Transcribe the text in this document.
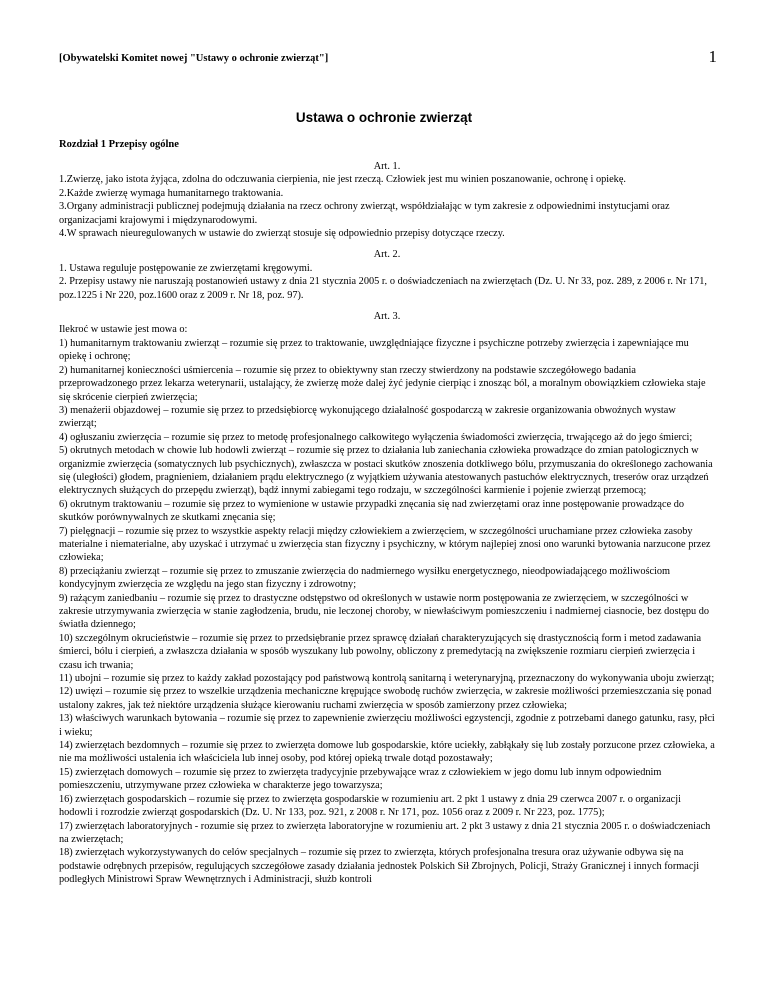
[Obywatelski Komitet nowej "Ustawy o ochronie zwierząt"]	1
Ustawa o ochronie zwierząt
Rozdział 1 Przepisy ogólne

Art. 1.

1.Zwierzę, jako istota żyjąca, zdolna do odczuwania cierpienia, nie jest rzeczą. Człowiek jest mu winien poszanowanie, ochronę i opiekę.

2.Każde zwierzę wymaga humanitarnego traktowania.

3.Organy administracji publicznej podejmują działania na rzecz ochrony zwierząt, współdziałając w tym zakresie z odpowiednimi instytucjami oraz organizacjami krajowymi i międzynarodowymi.

4.W sprawach nieuregulowanych w ustawie do zwierząt stosuje się odpowiednio przepisy dotyczące rzeczy.

Art. 2.

1. Ustawa reguluje postępowanie ze zwierzętami kręgowymi.

2. Przepisy ustawy nie naruszają postanowień ustawy z dnia 21 stycznia 2005 r. o doświadczeniach na zwierzętach (Dz. U. Nr 33, poz. 289, z 2006 r. Nr 171, poz.1225 i Nr 220, poz.1600 oraz z 2009 r. Nr 18, poz. 97).

Art. 3.

Ilekroć w ustawie jest mowa o:

1) humanitarnym traktowaniu zwierząt – rozumie się przez to traktowanie, uwzględniające fizyczne i psychiczne potrzeby zwierzęcia i zapewniające mu opiekę i ochronę;

2) humanitarnej konieczności uśmiercenia – rozumie się przez to obiektywny stan rzeczy stwierdzony na podstawie szczegółowego badania przeprowadzonego przez lekarza weterynarii, ustalający, że zwierzę może dalej żyć jedynie cierpiąc i znosząc ból, a moralnym obowiązkiem człowieka staje się skrócenie cierpień zwierzęcia;

3) menażerii objazdowej – rozumie się przez to przedsiębiorcę wykonującego działalność gospodarczą w zakresie organizowania obwoźnych wystaw zwierząt;

4) ogłuszaniu zwierzęcia – rozumie się przez to metodę profesjonalnego całkowitego wyłączenia świadomości zwierzęcia, trwającego aż do jego śmierci;

5) okrutnych metodach w chowie lub hodowli zwierząt – rozumie się przez to działania lub zaniechania człowieka prowadzące do zmian patologicznych w organizmie zwierzęcia (somatycznych lub psychicznych), zwłaszcza w postaci skutków znoszenia dotkliwego bólu, przymuszania do określonego zachowania się (uległości) głodem, pragnieniem, działaniem prądu elektrycznego (z wyjątkiem używania atestowanych pastuchów elektrycznych, treserów oraz urządzeń elektrycznych służących do przepędu zwierząt), bądź innymi zabiegami tego rodzaju, w szczególności karmienie i pojenie zwierząt przemocą;

6) okrutnym traktowaniu – rozumie się przez to wymienione w ustawie przypadki znęcania się nad zwierzętami oraz inne postępowanie prowadzące do skutków porównywalnych ze skutkami znęcania się;

7) pielęgnacji – rozumie się przez to wszystkie aspekty relacji między człowiekiem a zwierzęciem, w szczególności uruchamiane przez człowieka zasoby materialne i niematerialne, aby uzyskać i utrzymać u zwierzęcia stan fizyczny i psychiczny, w którym najlepiej znosi ono warunki bytowania narzucone przez człowieka;

8) przeciążaniu zwierząt – rozumie się przez to zmuszanie zwierzęcia do nadmiernego wysiłku energetycznego, nieodpowiadającego możliwościom kondycyjnym zwierzęcia ze względu na jego stan fizyczny i zdrowotny;

9) rażącym zaniedbaniu – rozumie się przez to drastyczne odstępstwo od określonych w ustawie norm postępowania ze zwierzęciem, w szczególności w zakresie utrzymywania zwierzęcia w stanie zagłodzenia, brudu, nie leczonej choroby, w niewłaściwym pomieszczeniu i nadmiernej ciasnocie, bez dostępu do światła dziennego;

10) szczególnym okrucieństwie – rozumie się przez to przedsiębranie przez sprawcę działań charakteryzujących się drastycznością form i metod zadawania śmierci, bólu i cierpień, a zwłaszcza działania w sposób wyszukany lub powolny, obliczony z premedytacją na zwiększenie rozmiaru cierpień zwierzęcia i czasu ich trwania;

11) ubojni – rozumie się przez to każdy zakład pozostający pod państwową kontrolą sanitarną i weterynaryjną, przeznaczony do wykonywania uboju zwierząt;

12) uwięzi – rozumie się przez to wszelkie urządzenia mechaniczne krępujące swobodę ruchów zwierzęcia, w zakresie możliwości przemieszczania się ponad ustalony zakres, jak też niektóre urządzenia służące kierowaniu ruchami zwierzęcia w sposób zamierzony przez człowieka;

13) właściwych warunkach bytowania – rozumie się przez to zapewnienie zwierzęciu możliwości egzystencji, zgodnie z potrzebami danego gatunku, rasy, płci i wieku;

14) zwierzętach bezdomnych – rozumie się przez to zwierzęta domowe lub gospodarskie, które uciekły, zabłąkały się lub zostały porzucone przez człowieka, a nie ma możliwości ustalenia ich właściciela lub innej osoby, pod której opieką trwale dotąd pozostawały;

15) zwierzętach domowych – rozumie się przez to zwierzęta tradycyjnie przebywające wraz z człowiekiem w jego domu lub innym odpowiednim pomieszczeniu, utrzymywane przez człowieka w charakterze jego towarzysza;

16) zwierzętach gospodarskich – rozumie się przez to zwierzęta gospodarskie w rozumieniu art. 2 pkt 1 ustawy z dnia 29 czerwca 2007 r. o organizacji hodowli i rozrodzie zwierząt gospodarskich (Dz. U. Nr 133, poz. 921, z 2008 r. Nr 171, poz. 1056 oraz z 2009 r. Nr 223, poz. 1775);

17) zwierzętach laboratoryjnych - rozumie się przez to zwierzęta laboratoryjne w rozumieniu art. 2 pkt 3 ustawy z dnia 21 stycznia 2005 r. o doświadczeniach na zwierzętach;

18) zwierzętach wykorzystywanych do celów specjalnych – rozumie się przez to zwierzęta, których profesjonalna tresura oraz używanie odbywa się na podstawie odrębnych przepisów, regulujących szczegółowe zasady działania jednostek Polskich Sił Zbrojnych, Policji, Straży Granicznej i innych formacji podległych Ministrowi Spraw Wewnętrznych i Administracji, służb kontroli
